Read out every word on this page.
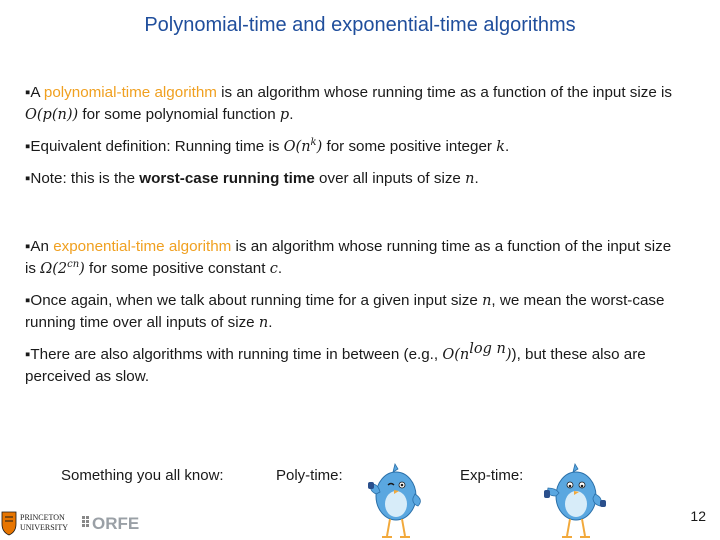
Polynomial-time and exponential-time algorithms
▪A polynomial-time algorithm is an algorithm whose running time as a function of the input size is O(p(n)) for some polynomial function p.
▪Equivalent definition: Running time is $O(n^k)$ for some positive integer k.
▪Note: this is the worst-case running time over all inputs of size n.
▪An exponential-time algorithm is an algorithm whose running time as a function of the input size is $\Omega(2^{cn})$ for some positive constant c.
▪Once again, when we talk about running time for a given input size n, we mean the worst-case running time over all inputs of size n.
▪There are also algorithms with running time in between (e.g., $O(n^{log n})$), but these also are perceived as slow.
Something you all know:	Poly-time:	Exp-time:
PRINCETON
UNIVERSITY ORFE	12
